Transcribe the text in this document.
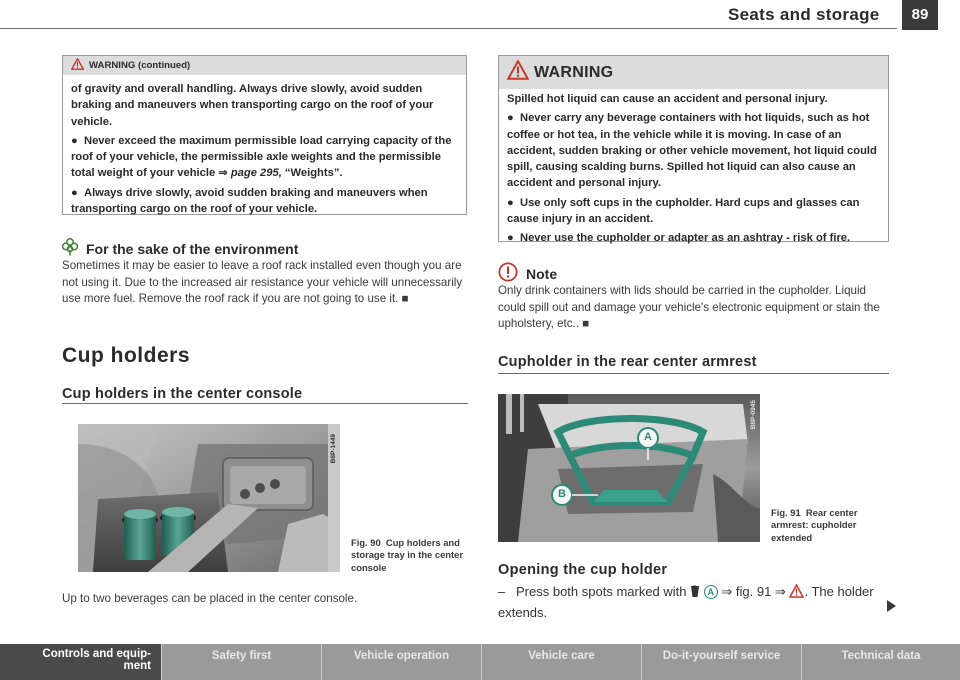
Seats and storage	89
WARNING (continued)

of gravity and overall handling. Always drive slowly, avoid sudden braking and maneuvers when transporting cargo on the roof of your vehicle.

●  Never exceed the maximum permissible load carrying capacity of the roof of your vehicle, the permissible axle weights and the permissible total weight of your vehicle ⇒ page 295, “Weights”.

●  Always drive slowly, avoid sudden braking and maneuvers when transporting cargo on the roof of your vehicle.

For the sake of the environment
Sometimes it may be easier to leave a roof rack installed even though you are not using it. Due to the increased air resistance your vehicle will unnecessarily use more fuel. Remove the roof rack if you are not going to use it. ■
Cup holders
Cup holders in the center console
B8P-1449
Fig. 90 Cup holders and storage tray in the center console
Up to two beverages can be placed in the center console.
WARNING

Spilled hot liquid can cause an accident and personal injury.

●  Never carry any beverage containers with hot liquids, such as hot coffee or hot tea, in the vehicle while it is moving. In case of an accident, sudden braking or other vehicle movement, hot liquid could spill, causing scalding burns. Spilled hot liquid can also cause an accident and personal injury.

●  Use only soft cups in the cupholder. Hard cups and glasses can cause injury in an accident.

●  Never use the cupholder or adapter as an ashtray - risk of fire.

Note
Only drink containers with lids should be carried in the cupholder. Liquid could spill out and damage your vehicle's electronic equipment or stain the upholstery, etc.. ■
Cupholder in the rear center armrest
A
B
B8P-0945
Fig. 91 Rear center armrest: cupholder extended
Opening the cup holder
– Press both spots marked with A ⇒ fig. 91 ⇒ . The holder extends.
Controls and equip-
ment
Safety first	Vehicle operation	Vehicle care	Do-it-yourself service	Technical data
